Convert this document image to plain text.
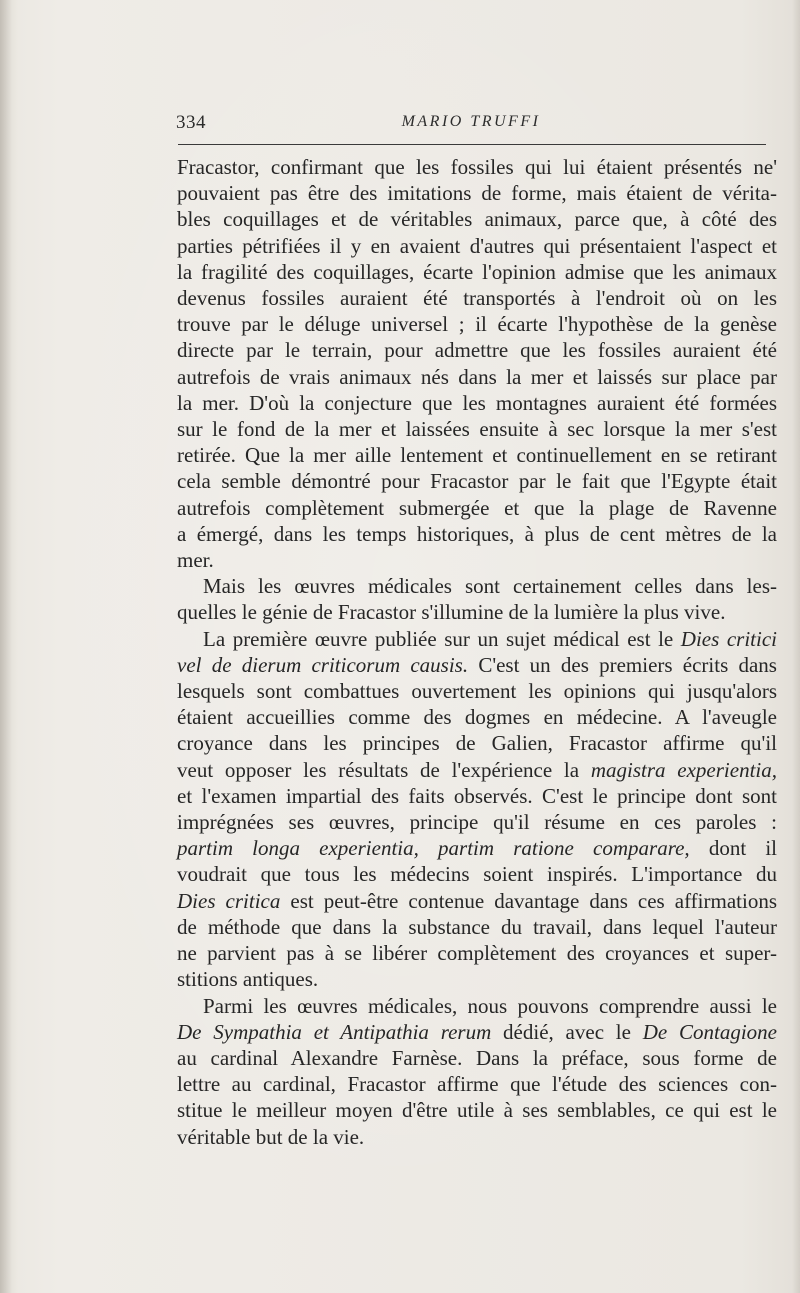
334	MARIO TRUFFI
Fracastor, confirmant que les fossiles qui lui étaient présentés ne'
pouvaient pas être des imitations de forme, mais étaient de vérita-
bles coquillages et de véritables animaux, parce que, à côté des
parties pétrifiées il y en avaient d'autres qui présentaient l'aspect et
la fragilité des coquillages, écarte l'opinion admise que les animaux
devenus fossiles auraient été transportés à l'endroit où on les
trouve par le déluge universel ; il écarte l'hypothèse de la genèse
directe par le terrain, pour admettre que les fossiles auraient été
autrefois de vrais animaux nés dans la mer et laissés sur place par
la mer. D'où la conjecture que les montagnes auraient été formées
sur le fond de la mer et laissées ensuite à sec lorsque la mer s'est
retirée. Que la mer aille lentement et continuellement en se retirant
cela semble démontré pour Fracastor par le fait que l'Egypte était
autrefois complètement submergée et que la plage de Ravenne
a émergé, dans les temps historiques, à plus de cent mètres de la
mer.
Mais les œuvres médicales sont certainement celles dans les-
quelles le génie de Fracastor s'illumine de la lumière la plus vive.
La première œuvre publiée sur un sujet médical est le Dies critici
vel de dierum criticorum causis. C'est un des premiers écrits dans
lesquels sont combattues ouvertement les opinions qui jusqu'alors
étaient accueillies comme des dogmes en médecine. A l'aveugle
croyance dans les principes de Galien, Fracastor affirme qu'il
veut opposer les résultats de l'expérience la magistra experientia,
et l'examen impartial des faits observés. C'est le principe dont sont
imprégnées ses œuvres, principe qu'il résume en ces paroles :
partim longa experientia, partim ratione comparare, dont il
voudrait que tous les médecins soient inspirés. L'importance du
Dies critica est peut-être contenue davantage dans ces affirmations
de méthode que dans la substance du travail, dans lequel l'auteur
ne parvient pas à se libérer complètement des croyances et super-
stitions antiques.
Parmi les œuvres médicales, nous pouvons comprendre aussi le
De Sympathia et Antipathia rerum dédié, avec le De Contagione
au cardinal Alexandre Farnèse. Dans la préface, sous forme de
lettre au cardinal, Fracastor affirme que l'étude des sciences con-
stitue le meilleur moyen d'être utile à ses semblables, ce qui est le
véritable but de la vie.
